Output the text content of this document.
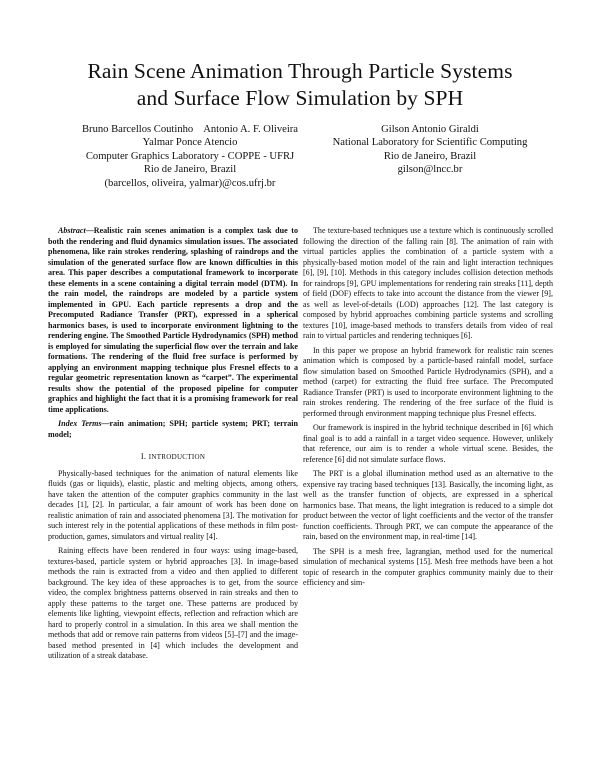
Rain Scene Animation Through Particle Systems
and Surface Flow Simulation by SPH
Bruno Barcellos Coutinho    Antonio A. F. Oliveira
Yalmar Ponce Atencio
Computer Graphics Laboratory - COPPE - UFRJ
Rio de Janeiro, Brazil
(barcellos, oliveira, yalmar)@cos.ufrj.br
Gilson Antonio Giraldi
National Laboratory for Scientific Computing
Rio de Janeiro, Brazil
gilson@lncc.br

Abstract—Realistic rain scenes animation is a complex task due to both the rendering and fluid dynamics simulation issues. The associated phenomena, like rain strokes rendering, splashing of raindrops and the simulation of the generated surface flow are known difficulties in this area. This paper describes a computational framework to incorporate these elements in a scene containing a digital terrain model (DTM). In the rain model, the raindrops are modeled by a particle system implemented in GPU. Each particle represents a drop and the Precomputed Radiance Transfer (PRT), expressed in a spherical harmonics bases, is used to incorporate environment lightning to the rendering engine. The Smoothed Particle Hydrodynamics (SPH) method is employed for simulating the superficial flow over the terrain and lake formations. The rendering of the fluid free surface is performed by applying an environment mapping technique plus Fresnel effects to a regular geometric representation known as “carpet”. The experimental results show the potential of the proposed pipeline for computer graphics and highlight the fact that it is a promising framework for real time applications.

Index Terms—rain animation; SPH; particle system; PRT; terrain model;

I. INTRODUCTION

Physically-based techniques for the animation of natural elements like fluids (gas or liquids), elastic, plastic and melting objects, among others, have taken the attention of the computer graphics community in the last decades [1], [2]. In particular, a fair amount of work has been done on realistic animation of rain and associated phenomena [3]. The motivation for such interest rely in the potential applications of these methods in film post-production, games, simulators and virtual reality [4].

Raining effects have been rendered in four ways: using image-based, textures-based, particle system or hybrid approaches [3]. In image-based methods the rain is extracted from a video and then applied to different background. The key idea of these approaches is to get, from the source video, the complex brightness patterns observed in rain streaks and then to apply these patterns to the target one. These patterns are produced by elements like lighting, viewpoint effects, reflection and refraction which are hard to properly control in a simulation. In this area we shall mention the methods that add or remove rain patterns from videos [5]–[7] and the image-based method presented in [4] which includes the development and utilization of a streak database.

The texture-based techniques use a texture which is continuously scrolled following the direction of the falling rain [8]. The animation of rain with virtual particles applies the combination of a particle system with a physically-based motion model of the rain and light interaction techniques [6], [9], [10]. Methods in this category includes collision detection methods for raindrops [9], GPU implementations for rendering rain streaks [11], depth of field (DOF) effects to take into account the distance from the viewer [9], as well as level-of-details (LOD) approaches [12]. The last category is composed by hybrid approaches combining particle systems and scrolling textures [10], image-based methods to transfers details from video of real rain to virtual particles and rendering techniques [6].

In this paper we propose an hybrid framework for realistic rain scenes animation which is composed by a particle-based rainfall model, surface flow simulation based on Smoothed Particle Hydrodynamics (SPH), and a method (carpet) for extracting the fluid free surface. The Precomputed Radiance Transfer (PRT) is used to incorporate environment lightning to the rain strokes rendering. The rendering of the free surface of the fluid is performed through environment mapping technique plus Fresnel effects.

Our framework is inspired in the hybrid technique described in [6] which final goal is to add a rainfall in a target video sequence. However, unlikely that reference, our aim is to render a whole virtual scene. Besides, the reference [6] did not simulate surface flows.

The PRT is a global illumination method used as an alternative to the expensive ray tracing based techniques [13]. Basically, the incoming light, as well as the transfer function of objects, are expressed in a spherical harmonics base. That means, the light integration is reduced to a simple dot product between the vector of light coefficients and the vector of the transfer function coefficients. Through PRT, we can compute the appearance of the rain, based on the environment map, in real-time [14].

The SPH is a mesh free, lagrangian, method used for the numerical simulation of mechanical systems [15]. Mesh free methods have been a hot topic of research in the computer graphics community mainly due to their efficiency and sim-
